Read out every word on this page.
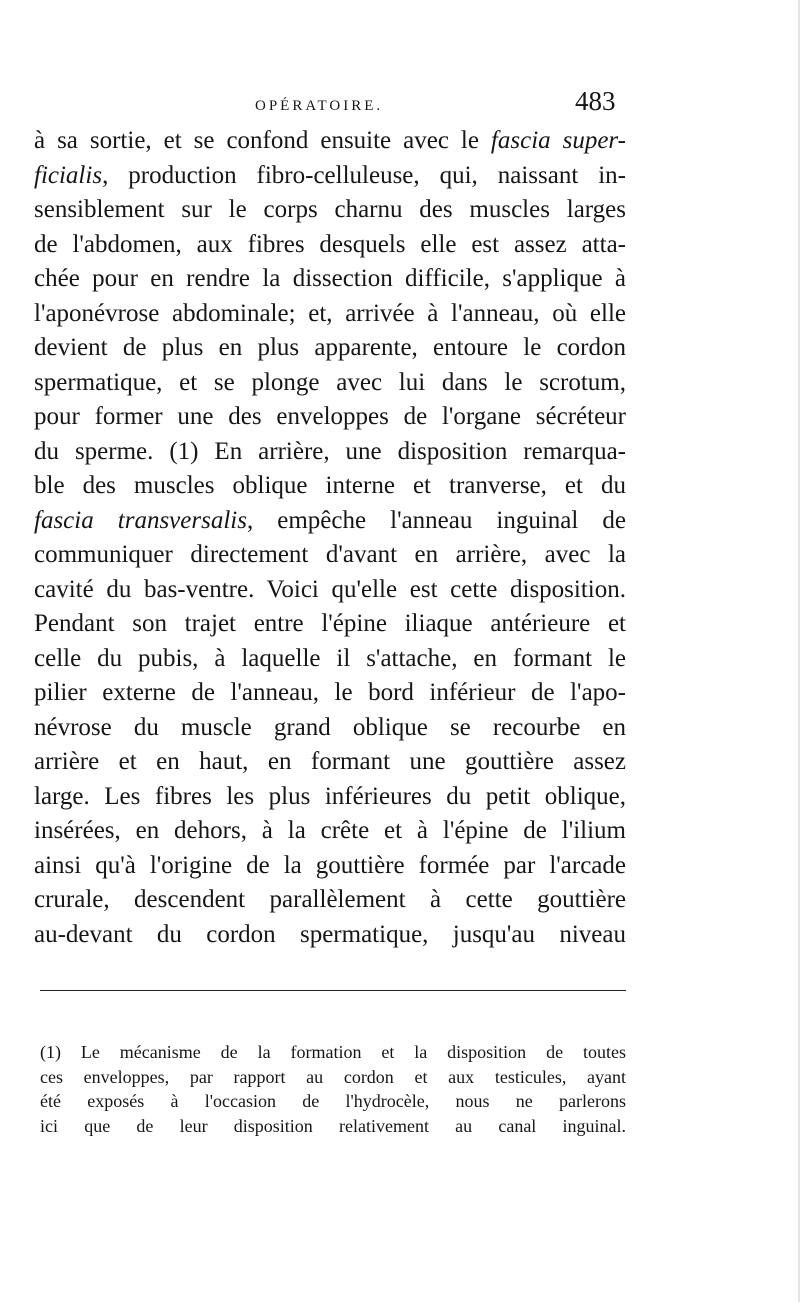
OPÉRATOIRE.	483
à sa sortie, et se confond ensuite avec le fascia super-
ficialis, production fibro-celluleuse, qui, naissant in-
sensiblement sur le corps charnu des muscles larges
de l'abdomen, aux fibres desquels elle est assez atta-
chée pour en rendre la dissection difficile, s'applique à
l'aponévrose abdominale; et, arrivée à l'anneau, où elle
devient de plus en plus apparente, entoure le cordon
spermatique, et se plonge avec lui dans le scrotum,
pour former une des enveloppes de l'organe sécréteur
du sperme. (1) En arrière, une disposition remarqua-
ble des muscles oblique interne et tranverse, et du
fascia transversalis, empêche l'anneau inguinal de
communiquer directement d'avant en arrière, avec la
cavité du bas-ventre. Voici qu'elle est cette disposition.
Pendant son trajet entre l'épine iliaque antérieure et
celle du pubis, à laquelle il s'attache, en formant le
pilier externe de l'anneau, le bord inférieur de l'apo-
névrose du muscle grand oblique se recourbe en
arrière et en haut, en formant une gouttière assez
large. Les fibres les plus inférieures du petit oblique,
insérées, en dehors, à la crête et à l'épine de l'ilium
ainsi qu'à l'origine de la gouttière formée par l'arcade
crurale, descendent parallèlement à cette gouttière
au-devant du cordon spermatique, jusqu'au niveau
(1) Le mécanisme de la formation et la disposition de toutes
ces enveloppes, par rapport au cordon et aux testicules, ayant
été exposés à l'occasion de l'hydrocèle, nous ne parlerons
ici que de leur disposition relativement au canal inguinal.
